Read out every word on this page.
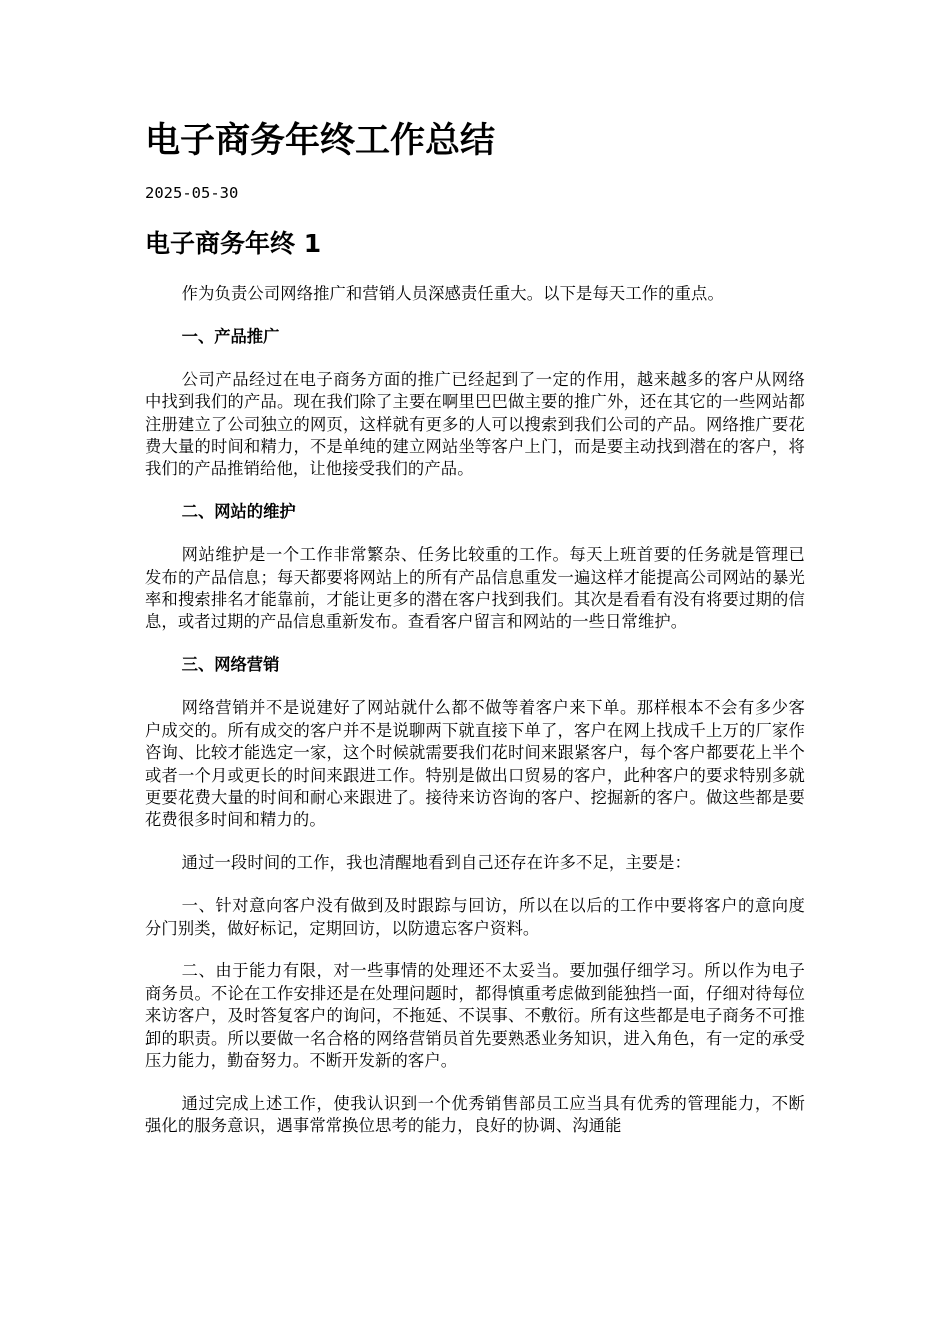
电子商务年终工作总结
2025-05-30
电子商务年终 1

作为负责公司网络推广和营销人员深感责任重大。以下是每天工作的重点。

一、产品推广

公司产品经过在电子商务方面的推广已经起到了一定的作用，越来越多的客户从网络中找到我们的产品。现在我们除了主要在啊里巴巴做主要的推广外，还在其它的一些网站都注册建立了公司独立的网页，这样就有更多的人可以搜索到我们公司的产品。网络推广要花费大量的时间和精力，不是单纯的建立网站坐等客户上门，而是要主动找到潜在的客户，将我们的产品推销给他，让他接受我们的产品。

二、网站的维护

网站维护是一个工作非常繁杂、任务比较重的工作。每天上班首要的任务就是管理已发布的产品信息；每天都要将网站上的所有产品信息重发一遍这样才能提高公司网站的暴光率和搜索排名才能靠前，才能让更多的潜在客户找到我们。其次是看看有没有将要过期的信息，或者过期的产品信息重新发布。查看客户留言和网站的一些日常维护。

三、网络营销

网络营销并不是说建好了网站就什么都不做等着客户来下单。那样根本不会有多少客户成交的。所有成交的客户并不是说聊两下就直接下单了，客户在网上找成千上万的厂家作咨询、比较才能选定一家，这个时候就需要我们花时间来跟紧客户，每个客户都要花上半个或者一个月或更长的时间来跟进工作。特别是做出口贸易的客户，此种客户的要求特别多就更要花费大量的时间和耐心来跟进了。接待来访咨询的客户、挖掘新的客户。做这些都是要花费很多时间和精力的。

通过一段时间的工作，我也清醒地看到自己还存在许多不足，主要是：

一、针对意向客户没有做到及时跟踪与回访，所以在以后的工作中要将客户的意向度分门别类，做好标记，定期回访，以防遗忘客户资料。

二、由于能力有限，对一些事情的处理还不太妥当。要加强仔细学习。所以作为电子商务员。不论在工作安排还是在处理问题时，都得慎重考虑做到能独挡一面，仔细对待每位来访客户，及时答复客户的询问，不拖延、不误事、不敷衍。所有这些都是电子商务不可推卸的职责。所以要做一名合格的网络营销员首先要熟悉业务知识，进入角色，有一定的承受压力能力，勤奋努力。不断开发新的客户。

通过完成上述工作，使我认识到一个优秀销售部员工应当具有优秀的管理能力，不断强化的服务意识，遇事常常换位思考的能力，良好的协调、沟通能
